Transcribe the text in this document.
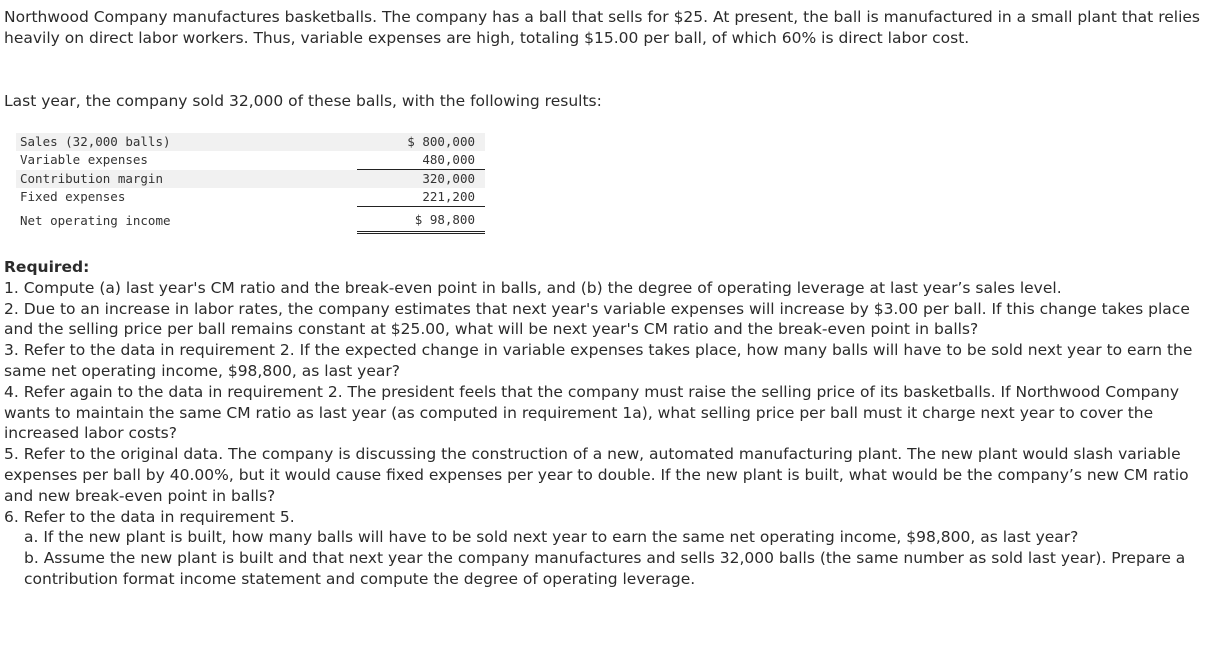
Northwood Company manufactures basketballs. The company has a ball that sells for $25. At present, the ball is manufactured in a small plant that relies heavily on direct labor workers. Thus, variable expenses are high, totaling $15.00 per ball, of which 60% is direct labor cost.

Last year, the company sold 32,000 of these balls, with the following results:

Sales (32,000 balls)	$ 800,000
Variable expenses	480,000
Contribution margin	320,000
Fixed expenses	221,200
Net operating income	$ 98,800
Required:

1. Compute (a) last year's CM ratio and the break-even point in balls, and (b) the degree of operating leverage at last year’s sales level.

2. Due to an increase in labor rates, the company estimates that next year's variable expenses will increase by $3.00 per ball. If this change takes place and the selling price per ball remains constant at $25.00, what will be next year's CM ratio and the break-even point in balls?

3. Refer to the data in requirement 2. If the expected change in variable expenses takes place, how many balls will have to be sold next year to earn the same net operating income, $98,800, as last year?

4. Refer again to the data in requirement 2. The president feels that the company must raise the selling price of its basketballs. If Northwood Company wants to maintain the same CM ratio as last year (as computed in requirement 1a), what selling price per ball must it charge next year to cover the increased labor costs?

5. Refer to the original data. The company is discussing the construction of a new, automated manufacturing plant. The new plant would slash variable expenses per ball by 40.00%, but it would cause fixed expenses per year to double. If the new plant is built, what would be the company’s new CM ratio and new break-even point in balls?

6. Refer to the data in requirement 5.

a. If the new plant is built, how many balls will have to be sold next year to earn the same net operating income, $98,800, as last year?

b. Assume the new plant is built and that next year the company manufactures and sells 32,000 balls (the same number as sold last year). Prepare a contribution format income statement and compute the degree of operating leverage.
